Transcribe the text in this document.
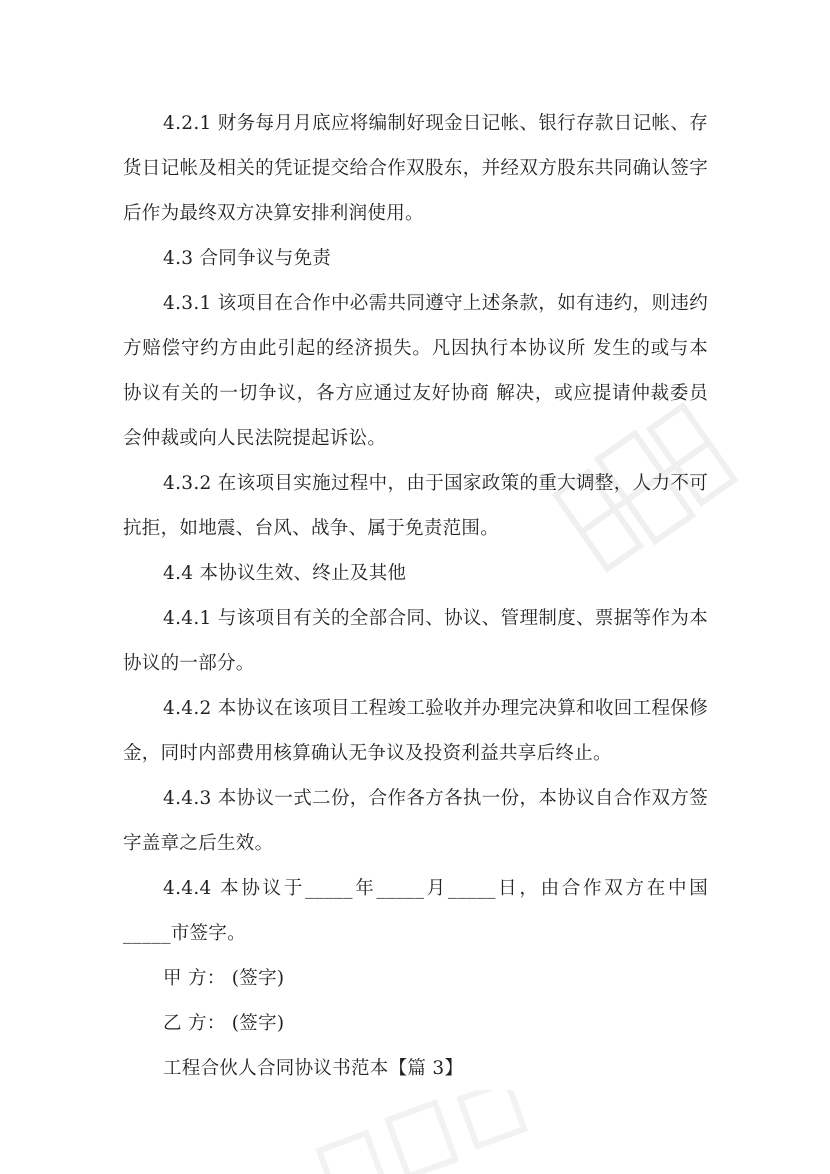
4.2.1 财务每月月底应将编制好现金日记帐、银行存款日记帐、存货日记帐及相关的凭证提交给合作双股东，并经双方股东共同确认签字后作为最终双方决算安排利润使用。

4.3 合同争议与免责

4.3.1 该项目在合作中必需共同遵守上述条款，如有违约，则违约方赔偿守约方由此引起的经济损失。凡因执行本协议所 发生的或与本协议有关的一切争议，各方应通过友好协商 解决，或应提请仲裁委员会仲裁或向人民法院提起诉讼。

4.3.2 在该项目实施过程中，由于国家政策的重大调整，人力不可抗拒，如地震、台风、战争、属于免责范围。

4.4 本协议生效、终止及其他

4.4.1 与该项目有关的全部合同、协议、管理制度、票据等作为本协议的一部分。

4.4.2 本协议在该项目工程竣工验收并办理完决算和收回工程保修金，同时内部费用核算确认无争议及投资利益共享后终止。

4.4.3 本协议一式二份，合作各方各执一份，本协议自合作双方签字盖章之后生效。

4.4.4 本协议于_____年_____月_____日，由合作双方在中国_____市签字。

甲 方： (签字)

乙 方： (签字)

工程合伙人合同协议书范本【篇 3】
